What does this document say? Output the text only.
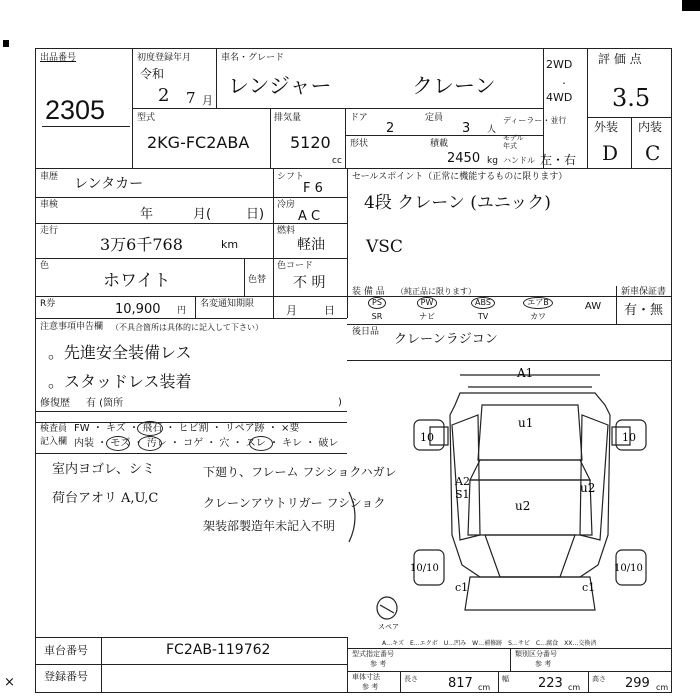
×
出品番号
2305
初度登録年月
令和
2 7 月
車名・グレード
レンジャー	クレーン
2WD
4WD
・
評 価 点
3.5
外装 内装
D C
型式
2KG-FC2ABA
排気量
5120
cc
ドア
2
定員
3 人
ディーラー・並行
モデル
年式
形状	積載
2450 kg ハンドル 左・右
車歴 レンタカー	シフト
F 6
車検
年	月(	日)
冷房
A C
走行
3万6千768	km
燃料
軽油
色
ホワイト	色替
色コード
不 明
セールスポイント（正常に機能するものに限ります）
4段 クレーン (ユニック)
VSC
R券	10,900 円
名変通知期限	月 日
装 備 品 （純正品に限ります）
PS
SR
PW
ナビ
ABS
TV
エアB
カワ
AW
新車保証書
有・無
注意事項申告欄 （不具合箇所は具体的に記入して下さい）
。先進安全装備レス
。スタッドレス装着
修復歴 有 (箇所	)
後日品 クレーンラジコン
検査員
記入欄
FW ・ キズ ・ 飛石 ・ ヒビ割 ・ リペア跡 ・ ×要
内装 ・ モズ ・ 汚レ ・ コゲ ・ 穴 ・ スレ ・ キレ ・ 破レ
室内ヨゴレ、シミ
荷台アオリ A,U,C
下廻り、フレーム フシショクハガレ
クレーンアウトリガー フシショク
架装部製造年未記入不明
A1
u1
u2
u2
A2
S1
c1	c1
10	10
10/10	10/10
スペア
A…キズ　E…エクボ　U…凹み　W…補修跡　S…サビ　C…腐食　XX…交換済
車台番号	FC2AB-119762
登録番号
型式指定番号
参 考
類別区分番号
参 考
車体寸法
参 考
長さ 817 cm
幅 223 cm
高さ 299 cm
